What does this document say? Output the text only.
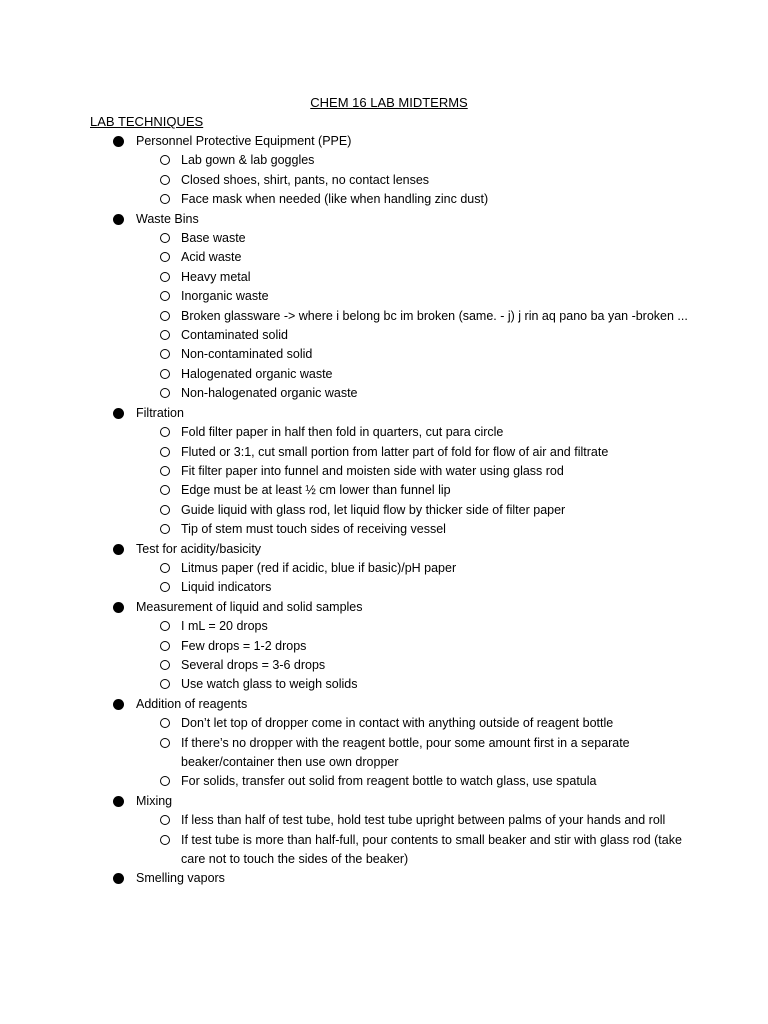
CHEM 16 LAB MIDTERMS
LAB TECHNIQUES
Personnel Protective Equipment (PPE)
Lab gown & lab goggles
Closed shoes, shirt, pants, no contact lenses
Face mask when needed (like when handling zinc dust)
Waste Bins
Base waste
Acid waste
Heavy metal
Inorganic waste
Broken glassware -> where i belong bc im broken (same. - j) j rin aq pano ba yan -broken ...
Contaminated solid
Non-contaminated solid
Halogenated organic waste
Non-halogenated organic waste
Filtration
Fold filter paper in half then fold in quarters, cut para circle
Fluted or 3:1, cut small portion from latter part of fold for flow of air and filtrate
Fit filter paper into funnel and moisten side with water using glass rod
Edge must be at least ½ cm lower than funnel lip
Guide liquid with glass rod, let liquid flow by thicker side of filter paper
Tip of stem must touch sides of receiving vessel
Test for acidity/basicity
Litmus paper (red if acidic, blue if basic)/pH paper
Liquid indicators
Measurement of liquid and solid samples
I mL = 20 drops
Few drops = 1-2 drops
Several drops = 3-6 drops
Use watch glass to weigh solids
Addition of reagents
Don’t let top of dropper come in contact with anything outside of reagent bottle
If there’s no dropper with the reagent bottle, pour some amount first in a separate beaker/container then use own dropper
For solids, transfer out solid from reagent bottle to watch glass, use spatula
Mixing
If less than half of test tube, hold test tube upright between palms of your hands and roll
If test tube is more than half-full, pour contents to small beaker and stir with glass rod (take care not to touch the sides of the beaker)
Smelling vapors
